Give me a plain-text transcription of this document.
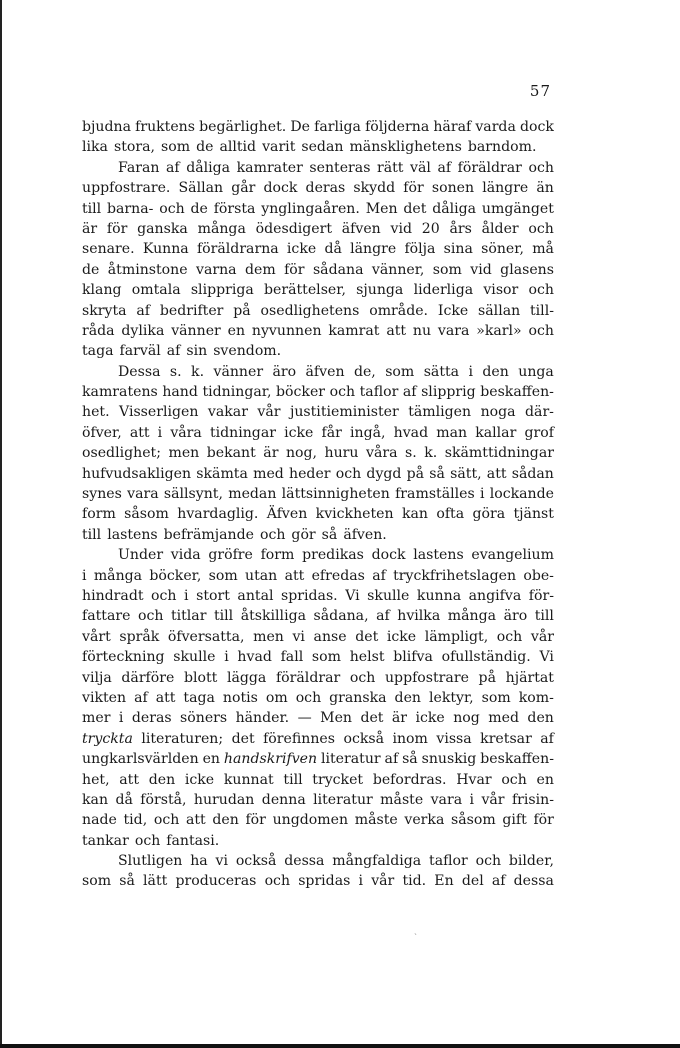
57
bjudna fruktens begärlighet. De farliga följderna häraf varda dock
lika stora, som de alltid varit sedan mänsklighetens barndom.
Faran af dåliga kamrater senteras rätt väl af föräldrar och
uppfostrare. Sällan går dock deras skydd för sonen längre än
till barna- och de första ynglingaåren. Men det dåliga umgänget
är för ganska många ödesdigert äfven vid 20 års ålder och
senare. Kunna föräldrarna icke då längre följa sina söner, må
de åtminstone varna dem för sådana vänner, som vid glasens
klang omtala slippriga berättelser, sjunga liderliga visor och
skryta af bedrifter på osedlighetens område. Icke sällan till-
råda dylika vänner en nyvunnen kamrat att nu vara »karl» och
taga farväl af sin svendom.
Dessa s. k. vänner äro äfven de, som sätta i den unga
kamratens hand tidningar, böcker och taflor af slipprig beskaffen-
het. Visserligen vakar vår justitieminister tämligen noga där-
öfver, att i våra tidningar icke får ingå, hvad man kallar grof
osedlighet; men bekant är nog, huru våra s. k. skämttidningar
hufvudsakligen skämta med heder och dygd på så sätt, att sådan
synes vara sällsynt, medan lättsinnigheten framställes i lockande
form såsom hvardaglig. Äfven kvickheten kan ofta göra tjänst
till lastens befrämjande och gör så äfven.
Under vida gröfre form predikas dock lastens evangelium
i många böcker, som utan att efredas af tryckfrihetslagen obe-
hindradt och i stort antal spridas. Vi skulle kunna angifva för-
fattare och titlar till åtskilliga sådana, af hvilka många äro till
vårt språk öfversatta, men vi anse det icke lämpligt, och vår
förteckning skulle i hvad fall som helst blifva ofullständig. Vi
vilja därföre blott lägga föräldrar och uppfostrare på hjärtat
vikten af att taga notis om och granska den lektyr, som kom-
mer i deras söners händer. — Men det är icke nog med den
tryckta literaturen; det förefinnes också inom vissa kretsar af
ungkarlsvärlden en handskrifven literatur af så snuskig beskaffen-
het, att den icke kunnat till trycket befordras. Hvar och en
kan då förstå, hurudan denna literatur måste vara i vår frisin-
nade tid, och att den för ungdomen måste verka såsom gift för
tankar och fantasi.
Slutligen ha vi också dessa mångfaldiga taflor och bilder,
som så lätt produceras och spridas i vår tid. En del af dessa
ˎ
